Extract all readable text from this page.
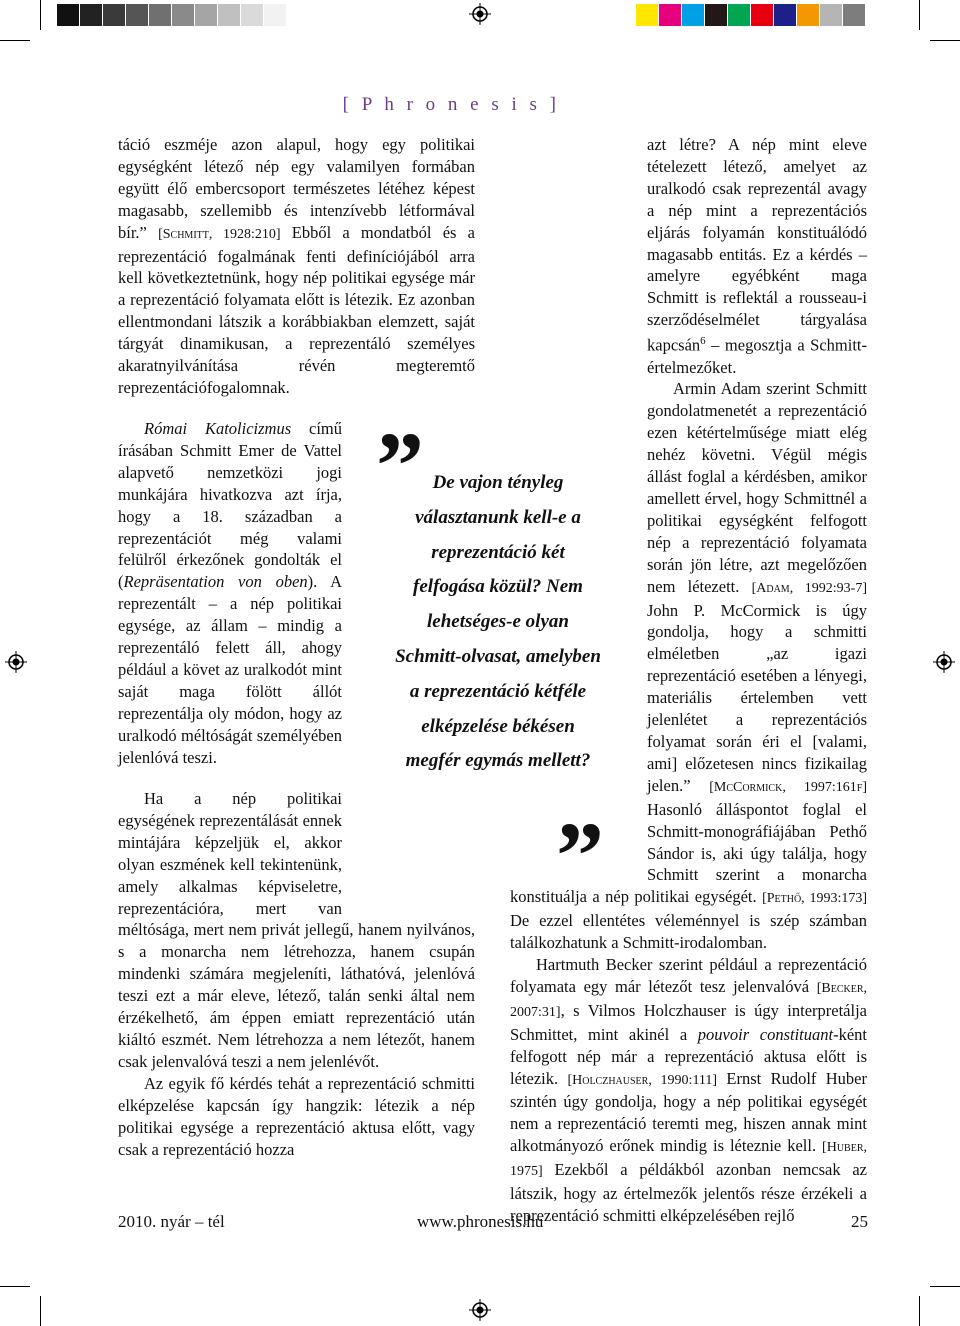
[ P h r o n e s i s ]

táció eszméje azon alapul, hogy egy politikai egységként létező nép egy valamilyen formában együtt élő embercsoport természetes létéhez képest magasabb, szellemibb és intenzívebb létformával bír.” [Schmitt, 1928:210] Ebből a mondatból és a reprezentáció fogalmának fenti definíciójából arra kell következtetnünk, hogy nép politikai egysége már a reprezentáció folyamata előtt is létezik. Ez azonban ellentmondani látszik a korábbiakban elemzett, saját tárgyát dinamikusan, a reprezentáló személyes akaratnyilvánítása révén megteremtő reprezentációfogalomnak.

Római Katolicizmus című írásában Schmitt Emer de Vattel alapvető nemzetközi jogi munkájára hivatkozva azt írja, hogy a 18. században a reprezentációt még valami felülről érkezőnek gondolták el (Repräsentation von oben). A reprezentált – a nép politikai egysége, az állam – mindig a reprezentáló felett áll, ahogy például a követ az uralkodót mint saját maga fölött állót reprezentálja oly módon, hogy az uralkodó méltóságát személyében jelenlóvá teszi.

Ha a nép politikai egységének reprezentálását ennek mintájára képzeljük el, akkor olyan eszmének kell tekintenünk, amely alkalmas képviseletre, reprezentációra, mert van méltósága, mert nem privát jellegű, hanem nyilvános, s a monarcha nem létrehozza, hanem csupán mindenki számára megjeleníti, láthatóvá, jelenlóvá teszi ezt a már eleve, létező, talán senki által nem érzékelhető, ám éppen emiatt reprezentáció után kiáltó eszmét. Nem létrehozza a nem létezőt, hanem csak jelenvalóvá teszi a nem jelenlévőt.

Az egyik fő kérdés tehát a reprezentáció schmitti elképzelése kapcsán így hangzik: létezik a nép politikai egysége a reprezentáció aktusa előtt, vagy csak a reprezentáció hozza

” De vajon tényleg választanunk kell-e a reprezentáció két felfogása közül? Nem lehetséges-e olyan Schmitt-olvasat, amelyben a reprezentáció kétféle elképzelése békésen megfér egymás mellett?
”

azt létre? A nép mint eleve tételezett létező, amelyet az uralkodó csak reprezentál avagy a nép mint a reprezentációs eljárás folyamán konstituálódó magasabb entitás. Ez a kérdés – amelyre egyébként maga Schmitt is reflektál a rousseau-i szerződéselmélet tárgyalása kapcsán$^6$ – megosztja a Schmitt-értelmezőket.

Armin Adam szerint Schmitt gondolatmenetét a reprezentáció ezen kétértelműsége miatt elég nehéz követni. Végül mégis állást foglal a kérdésben, amikor amellett érvel, hogy Schmittnél a politikai egységként felfogott nép a reprezentáció folyamata során jön létre, azt megelőzően nem létezett. [Adam, 1992:93-7] John P. McCormick is úgy gondolja, hogy a schmitti elméletben „az igazi reprezentáció esetében a lényegi, materiális értelemben vett jelenlétet a reprezentációs folyamat során éri el [valami, ami] előzetesen nincs fizikailag jelen.” [McCormick, 1997:161f] Hasonló álláspontot foglal el Schmitt-monográfiájában Pethő Sándor is, aki úgy találja, hogy Schmitt szerint a monarcha konstituálja a nép politikai egységét. [Pethő, 1993:173] De ezzel ellentétes véleménnyel is szép számban találkozhatunk a Schmitt-irodalomban.

Hartmuth Becker szerint például a reprezentáció folyamata egy már létezőt tesz jelenvalóvá [Becker, 2007:31], s Vilmos Holczhauser is úgy interpretálja Schmittet, mint akinél a pouvoir constituant-ként felfogott nép már a reprezentáció aktusa előtt is létezik. [Holczhauser, 1990:111] Ernst Rudolf Huber szintén úgy gondolja, hogy a nép politikai egységét nem a reprezentáció teremti meg, hiszen annak mint alkotmányozó erőnek mindig is léteznie kell. [Huber, 1975] Ezekből a példákból azonban nemcsak az látszik, hogy az értelmezők jelentős része érzékeli a reprezentáció schmitti elképzelésében rejlő

2010. nyár – tél	www.phronesis.hu	25
